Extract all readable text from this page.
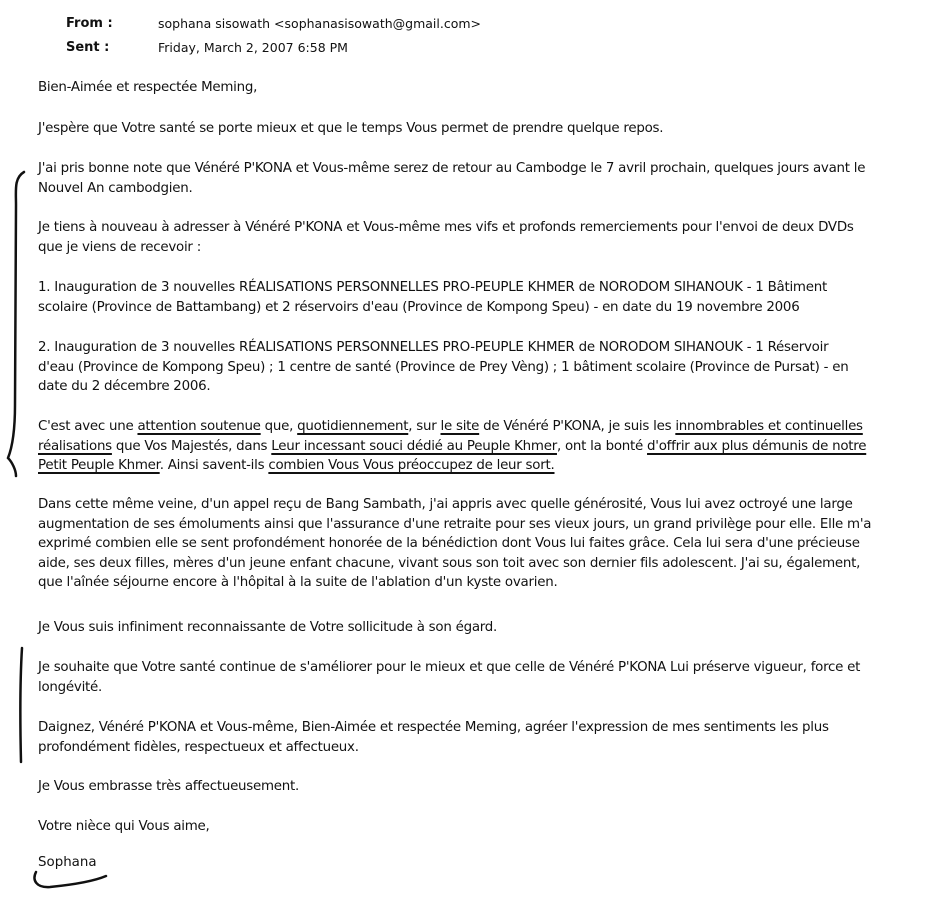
From :	sophana sisowath <sophanasisowath@gmail.com>
Sent :	Friday, March 2, 2007 6:58 PM
Bien-Aimée et respectée Meming,
J'espère que Votre santé se porte mieux et que le temps Vous permet de prendre quelque repos.
J'ai pris bonne note que Vénéré P'KONA et Vous-même serez de retour au Cambodge le 7 avril prochain, quelques jours avant le
Nouvel An cambodgien.
Je tiens à nouveau à adresser à Vénéré P'KONA et Vous-même mes vifs et profonds remerciements pour l'envoi de deux DVDs
que je viens de recevoir :
1. Inauguration de 3 nouvelles RÉALISATIONS PERSONNELLES PRO-PEUPLE KHMER de NORODOM SIHANOUK - 1 Bâtiment
scolaire (Province de Battambang) et 2 réservoirs d'eau (Province de Kompong Speu) - en date du 19 novembre 2006
2. Inauguration de 3 nouvelles RÉALISATIONS PERSONNELLES PRO-PEUPLE KHMER de NORODOM SIHANOUK - 1 Réservoir
d'eau (Province de Kompong Speu) ; 1 centre de santé (Province de Prey Vèng) ; 1 bâtiment scolaire (Province de Pursat) - en
date du 2 décembre 2006.
C'est avec une attention soutenue que, quotidiennement, sur le site de Vénéré P'KONA, je suis les innombrables et continuelles
réalisations que Vos Majestés, dans Leur incessant souci dédié au Peuple Khmer, ont la bonté d'offrir aux plus démunis de notre
Petit Peuple Khmer. Ainsi savent-ils combien Vous Vous préoccupez de leur sort.
Dans cette même veine, d'un appel reçu de Bang Sambath, j'ai appris avec quelle générosité, Vous lui avez octroyé une large
augmentation de ses émoluments ainsi que l'assurance d'une retraite pour ses vieux jours, un grand privilège pour elle. Elle m'a
exprimé combien elle se sent profondément honorée de la bénédiction dont Vous lui faites grâce. Cela lui sera d'une précieuse
aide, ses deux filles, mères d'un jeune enfant chacune, vivant sous son toit avec son dernier fils adolescent. J'ai su, également,
que l'aînée séjourne encore à l'hôpital à la suite de l'ablation d'un kyste ovarien.
Je Vous suis infiniment reconnaissante de Votre sollicitude à son égard.
Je souhaite que Votre santé continue de s'améliorer pour le mieux et que celle de Vénéré P'KONA Lui préserve vigueur, force et
longévité.
Daignez, Vénéré P'KONA et Vous-même, Bien-Aimée et respectée Meming, agréer l'expression de mes sentiments les plus
profondément fidèles, respectueux et affectueux.
Je Vous embrasse très affectueusement.
Votre nièce qui Vous aime,
Sophana
